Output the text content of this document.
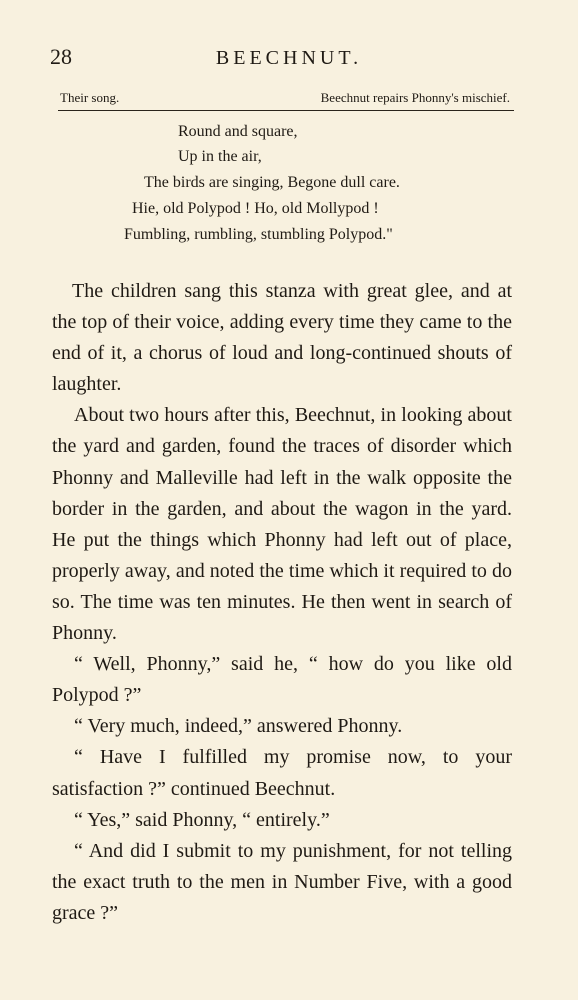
28	BEECHNUT.
Their song.	Beechnut repairs Phonny's mischief.
Round and square,
Up in the air,
The birds are singing, Begone dull care.
Hie, old Polypod ! Ho, old Mollypod !
Fumbling, rumbling, stumbling Polypod."

The children sang this stanza with great glee, and at the top of their voice, adding every time they came to the end of it, a chorus of loud and long-continued shouts of laughter.

About two hours after this, Beechnut, in looking about the yard and garden, found the traces of disorder which Phonny and Malleville had left in the walk opposite the border in the garden, and about the wagon in the yard. He put the things which Phonny had left out of place, properly away, and noted the time which it required to do so. The time was ten minutes. He then went in search of Phonny.

“ Well, Phonny,” said he, “ how do you like old Polypod ?”

“ Very much, indeed,” answered Phonny.

“ Have I fulfilled my promise now, to your satisfaction ?” continued Beechnut.

“ Yes,” said Phonny, “ entirely.”

“ And did I submit to my punishment, for not telling the exact truth to the men in Number Five, with a good grace ?”
